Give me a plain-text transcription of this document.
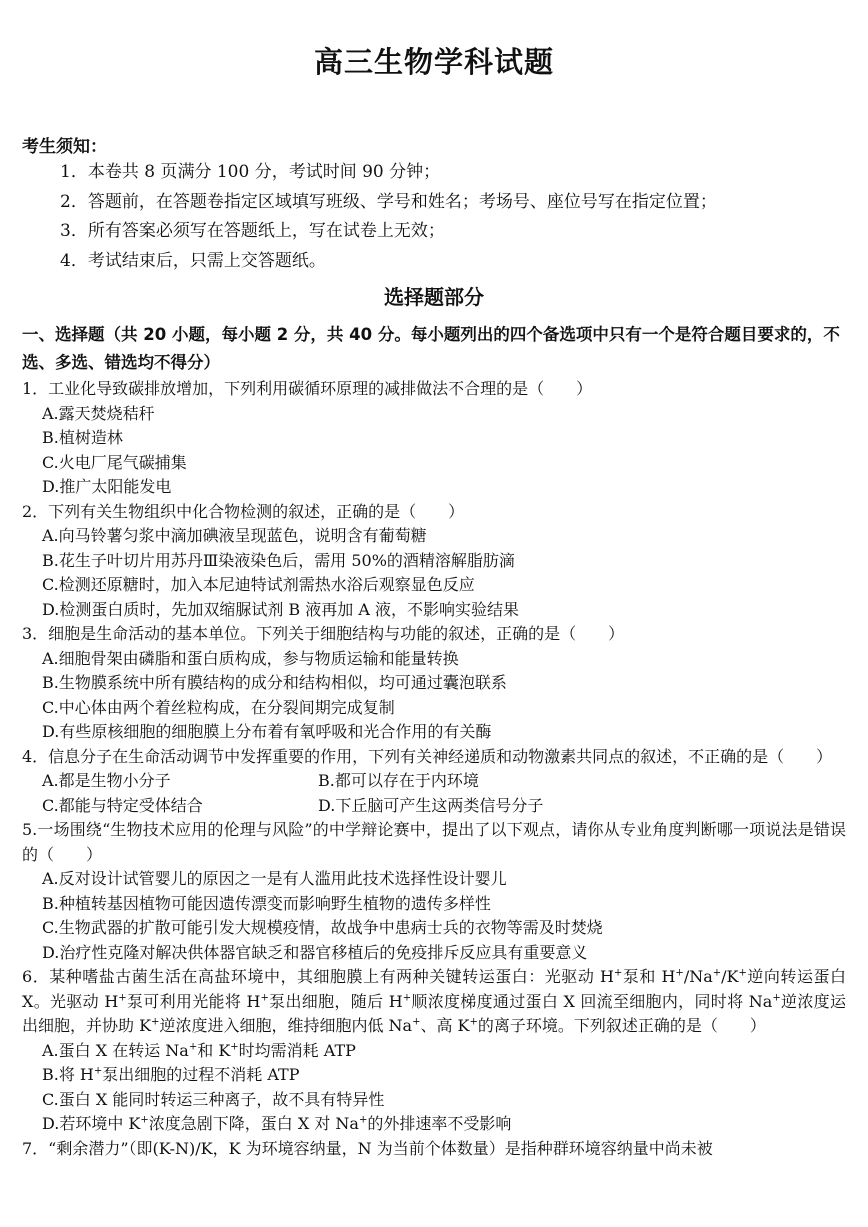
高三生物学科试题
考生须知：
1．本卷共 8 页满分 100 分，考试时间 90 分钟；
2．答题前，在答题卷指定区域填写班级、学号和姓名；考场号、座位号写在指定位置；
3．所有答案必须写在答题纸上，写在试卷上无效；
4．考试结束后，只需上交答题纸。
选择题部分
一、选择题（共 20 小题，每小题 2 分，共 40 分。每小题列出的四个备选项中只有一个是符合题目要求的，不选、多选、错选均不得分）
1．工业化导致碳排放增加，下列利用碳循环原理的减排做法不合理的是（　　）
A.露天焚烧秸秆
B.植树造林
C.火电厂尾气碳捕集
D.推广太阳能发电
2．下列有关生物组织中化合物检测的叙述，正确的是（　　）
A.向马铃薯匀浆中滴加碘液呈现蓝色，说明含有葡萄糖
B.花生子叶切片用苏丹Ⅲ染液染色后，需用 50%的酒精溶解脂肪滴
C.检测还原糖时，加入本尼迪特试剂需热水浴后观察显色反应
D.检测蛋白质时，先加双缩脲试剂 B 液再加 A 液，不影响实验结果
3．细胞是生命活动的基本单位。下列关于细胞结构与功能的叙述，正确的是（　　）
A.细胞骨架由磷脂和蛋白质构成，参与物质运输和能量转换
B.生物膜系统中所有膜结构的成分和结构相似，均可通过囊泡联系
C.中心体由两个着丝粒构成，在分裂间期完成复制
D.有些原核细胞的细胞膜上分布着有氧呼吸和光合作用的有关酶
4．信息分子在生命活动调节中发挥重要的作用，下列有关神经递质和动物激素共同点的叙述，不正确的是（　　）
A.都是生物小分子	B.都可以存在于内环境
C.都能与特定受体结合	D.下丘脑可产生这两类信号分子
5.一场围绕“生物技术应用的伦理与风险”的中学辩论赛中，提出了以下观点，请你从专业角度判断哪一项说法是错误的（　　）
A.反对设计试管婴儿的原因之一是有人滥用此技术选择性设计婴儿
B.种植转基因植物可能因遗传漂变而影响野生植物的遗传多样性
C.生物武器的扩散可能引发大规模疫情，故战争中患病士兵的衣物等需及时焚烧
D.治疗性克隆对解决供体器官缺乏和器官移植后的免疫排斥反应具有重要意义
6．某种嗜盐古菌生活在高盐环境中，其细胞膜上有两种关键转运蛋白：光驱动 H+泵和 H+/Na+/K+逆向转运蛋白 X。光驱动 H+泵可利用光能将 H+泵出细胞，随后 H+顺浓度梯度通过蛋白 X 回流至细胞内，同时将 Na+逆浓度运出细胞，并协助 K+逆浓度进入细胞，维持细胞内低 Na+、高 K+的离子环境。下列叙述正确的是（　　）
A.蛋白 X 在转运 Na+和 K+时均需消耗 ATP
B.将 H+泵出细胞的过程不消耗 ATP
C.蛋白 X 能同时转运三种离子，故不具有特异性
D.若环境中 K+浓度急剧下降，蛋白 X 对 Na+的外排速率不受影响
7．“剩余潜力”（即(K-N)/K，K 为环境容纳量，N 为当前个体数量）是指种群环境容纳量中尚未被
